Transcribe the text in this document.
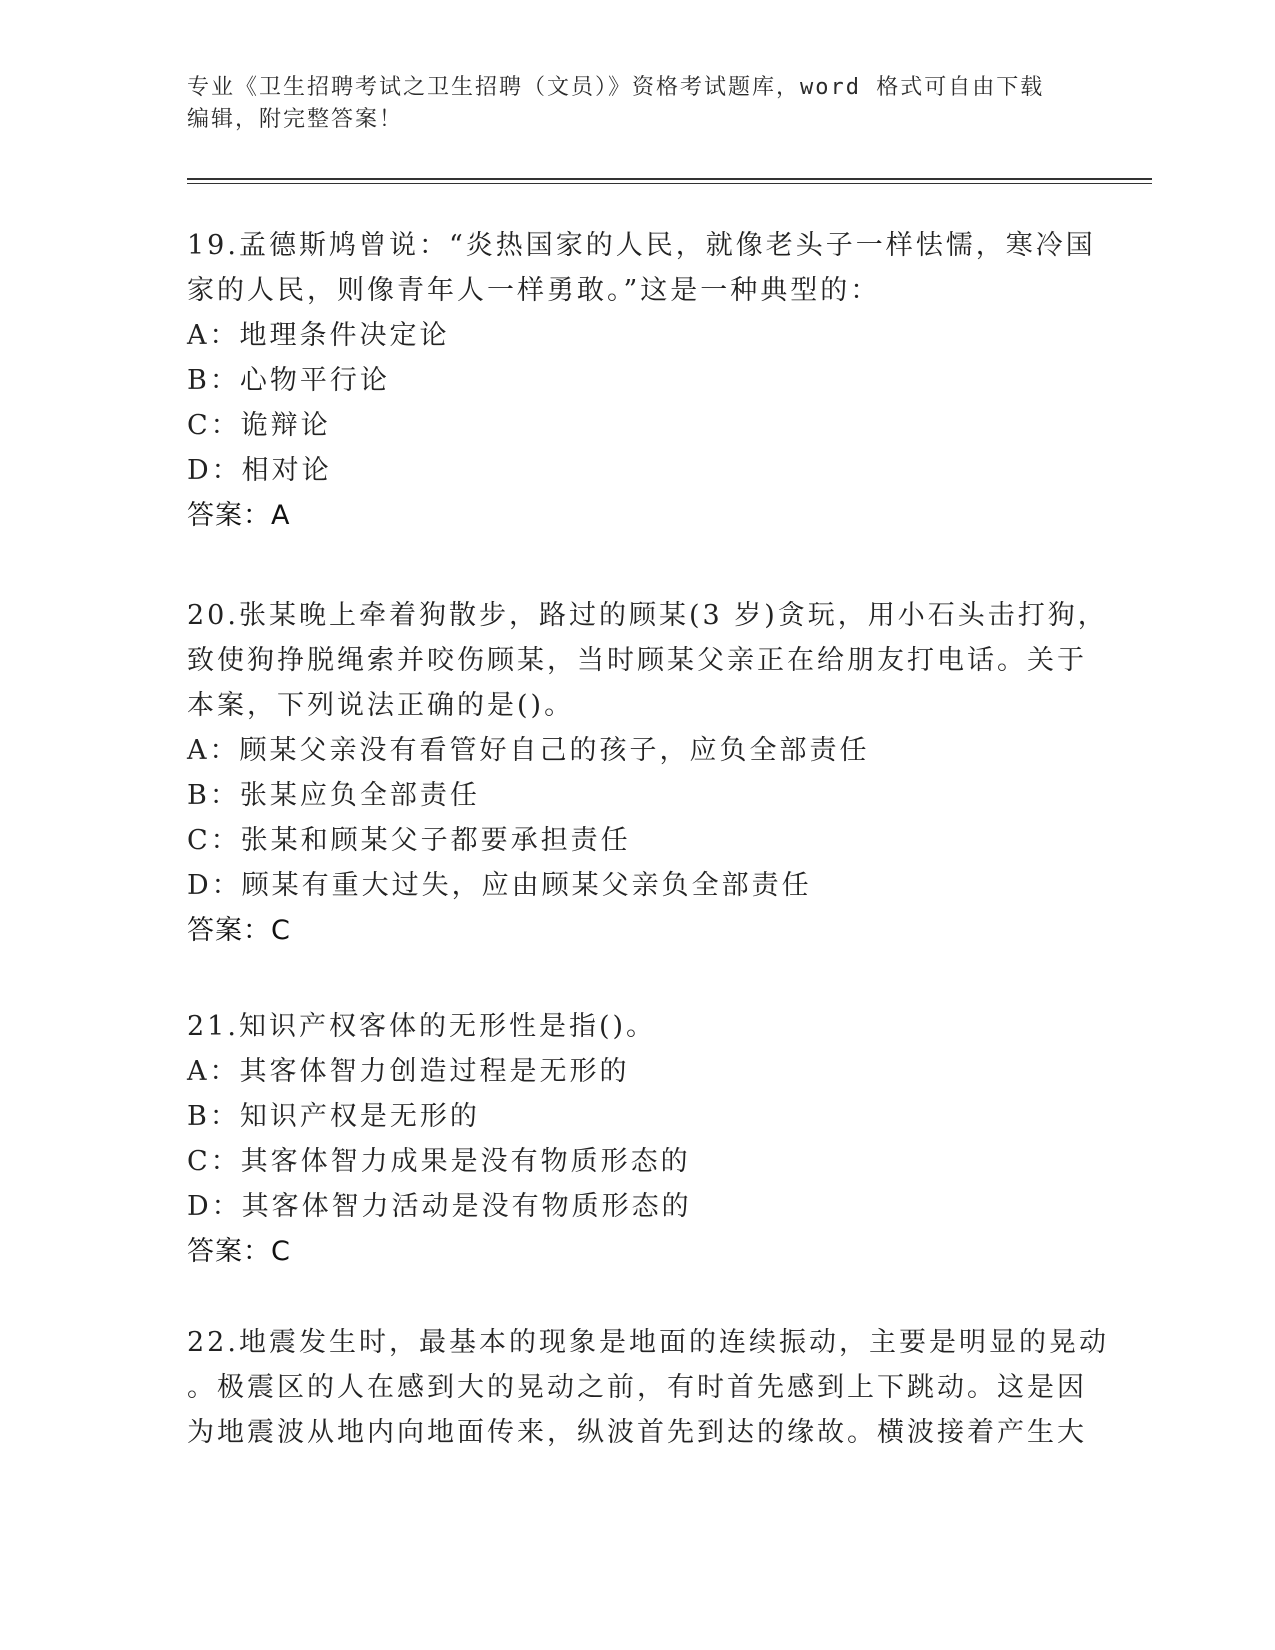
专业《卫生招聘考试之卫生招聘（文员）》资格考试题库，word 格式可自由下载
编辑，附完整答案！
19.孟德斯鸠曾说：“炎热国家的人民，就像老头子一样怯懦，寒冷国
家的人民，则像青年人一样勇敢。”这是一种典型的：
A：地理条件决定论
B：心物平行论
C：诡辩论
D：相对论
答案：A
20.张某晚上牵着狗散步，路过的顾某(3 岁)贪玩，用小石头击打狗，
致使狗挣脱绳索并咬伤顾某，当时顾某父亲正在给朋友打电话。关于
本案，下列说法正确的是()。
A：顾某父亲没有看管好自己的孩子，应负全部责任
B：张某应负全部责任
C：张某和顾某父子都要承担责任
D：顾某有重大过失，应由顾某父亲负全部责任
答案：C
21.知识产权客体的无形性是指()。
A：其客体智力创造过程是无形的
B：知识产权是无形的
C：其客体智力成果是没有物质形态的
D：其客体智力活动是没有物质形态的
答案：C
22.地震发生时，最基本的现象是地面的连续振动，主要是明显的晃动
。极震区的人在感到大的晃动之前，有时首先感到上下跳动。这是因
为地震波从地内向地面传来，纵波首先到达的缘故。横波接着产生大
